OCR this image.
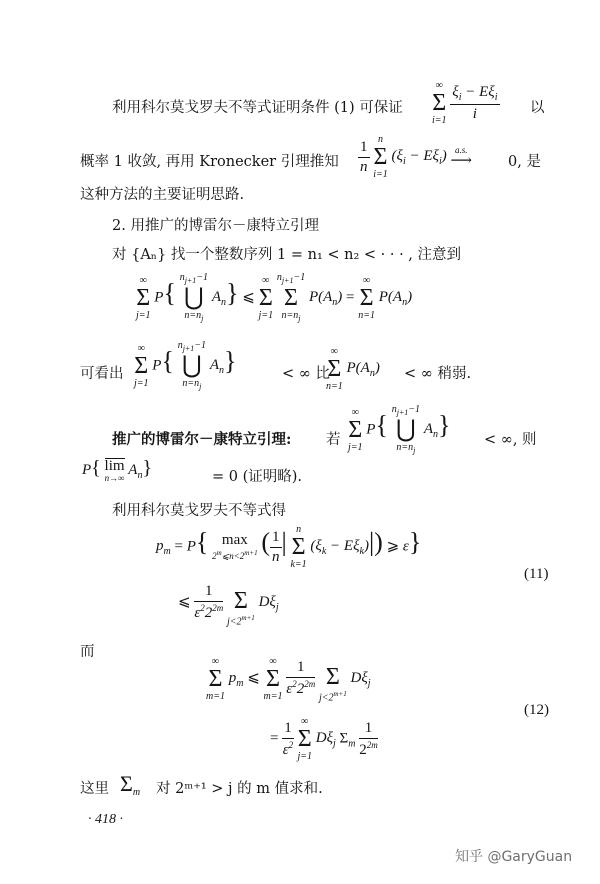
利用科尔莫戈罗夫不等式证明条件 (1) 可保证
∞
Σ
i=1
$\frac{\xi_i - E\xi_i}{i}$ 以
概率 1 收敛, 再用 Kronecker 引理推知 $\frac{1}{n}$
n
Σ
i=1
$(\xi_i - E\xi_i)$ a.s.
⟶ 0, 是
这种方法的主要证明思路.
2. 用推广的博雷尔－康特立引理
对 {Aₙ} 找一个整数序列 1 = n₁ < n₂ < · · · , 注意到
∞
Σ
j=1
P{
$n_{j+1}-1$
⋃
$n=n_j$
$A_n$} ⩽
∞
Σ
j=1

$n_{j+1}-1$
Σ
$n=n_j$
$P(A_n)$ =
∞
Σ
n=1
$P(A_n)$
可看出
∞
Σ
j=1
P{
$n_{j+1}-1$
⋃
$n=n_j$
$A_n$}	< ∞ 比
∞
Σ
n=1
$P(A_n)$ < ∞ 稍弱.
推广的博雷尔－康特立引理: 若
∞
Σ
j=1
P{
$n_{j+1}-1$
⋃
$n=n_j$
$A_n$}
< ∞, 则
P{ lim
n→∞
$A_n$}	= 0 (证明略).
利用科尔莫戈罗夫不等式得
$p_m = P${ max
$2^m⩽n<2^{m+1}$ ( $\frac{1}{n}$ | n
Σ
k=1
$(\xi_k - E\xi_k)|$) ⩾ ε}
⩽ $\frac{1}{\varepsilon^22^{2m}}$

Σ
$j<2^{m+1}$
$D\xi_j$
(11)
而
∞
Σ
m=1
$p_m$ ⩽
∞
Σ
m=1
$\frac{1}{\varepsilon^22^{2m}}$

Σ
$j<2^{m+1}$
$D\xi_j$
= $\frac{1}{\varepsilon^2}$
∞
Σ
j=1
$D\xi_j$ $\Sigma_m \frac{1}{2^{2m}}$
(12)
这里 $\Sigma_m$ 对 2ᵐ⁺¹ > j 的 m 值求和.
· 418 ·
知乎 @GaryGuan
